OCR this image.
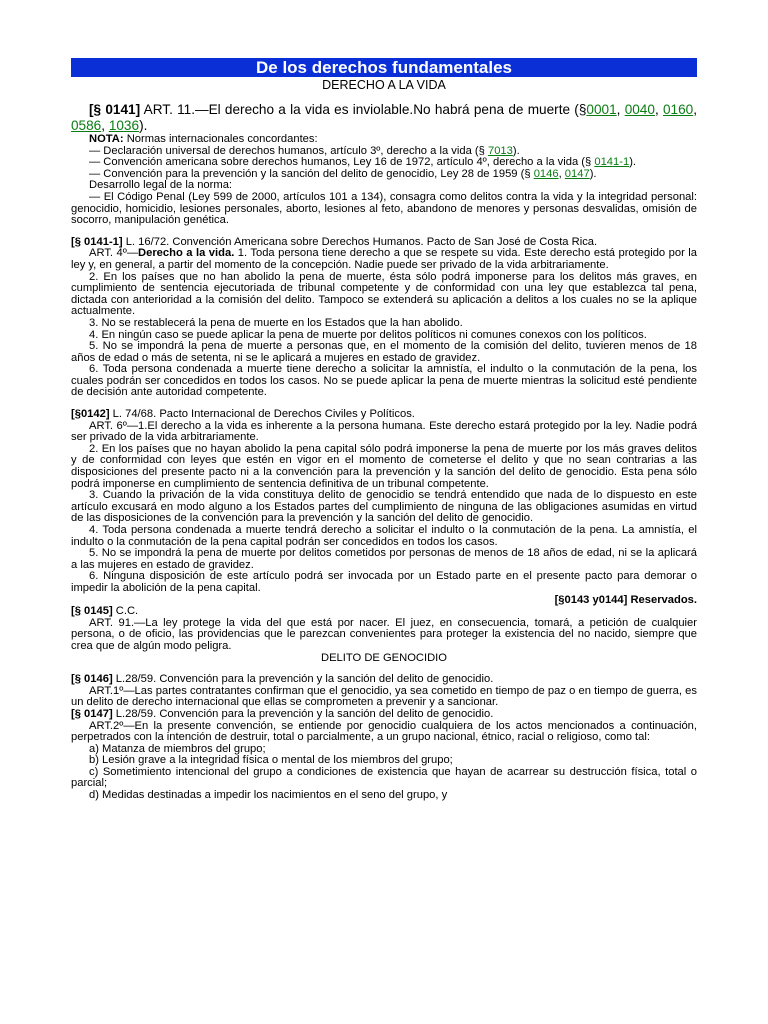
De los derechos fundamentales
DERECHO A LA VIDA

[§ 0141] ART. 11.—El derecho a la vida es inviolable.No habrá pena de muerte (§0001, 0040, 0160, 0586, 1036).

NOTA: Normas internacionales concordantes:

— Declaración universal de derechos humanos, artículo 3º, derecho a la vida (§ 7013).

— Convención americana sobre derechos humanos, Ley 16 de 1972, artículo 4º, derecho a la vida (§ 0141-1).

— Convención para la prevención y la sanción del delito de genocidio, Ley 28 de 1959 (§ 0146, 0147).

Desarrollo legal de la norma:

— El Código Penal (Ley 599 de 2000, artículos 101 a 134), consagra como delitos contra la vida y la integridad personal: genocidio, homicidio, lesiones personales, aborto, lesiones al feto, abandono de menores y personas desvalidas, omisión de socorro, manipulación genética.

[§ 0141-1] L. 16/72. Convención Americana sobre Derechos Humanos. Pacto de San José de Costa Rica.

ART. 4º—Derecho a la vida. 1. Toda persona tiene derecho a que se respete su vida. Este derecho está protegido por la ley y, en general, a partir del momento de la concepción. Nadie puede ser privado de la vida arbitrariamente.

2. En los países que no han abolido la pena de muerte, ésta sólo podrá imponerse para los delitos más graves, en cumplimiento de sentencia ejecutoriada de tribunal competente y de conformidad con una ley que establezca tal pena, dictada con anterioridad a la comisión del delito. Tampoco se extenderá su aplicación a delitos a los cuales no se la aplique actualmente.

3. No se restablecerá la pena de muerte en los Estados que la han abolido.

4. En ningún caso se puede aplicar la pena de muerte por delitos políticos ni comunes conexos con los políticos.

5. No se impondrá la pena de muerte a personas que, en el momento de la comisión del delito, tuvieren menos de 18 años de edad o más de setenta, ni se le aplicará a mujeres en estado de gravidez.

6. Toda persona condenada a muerte tiene derecho a solicitar la amnistía, el indulto o la conmutación de la pena, los cuales podrán ser concedidos en todos los casos. No se puede aplicar la pena de muerte mientras la solicitud esté pendiente de decisión ante autoridad competente.

[§0142] L. 74/68. Pacto Internacional de Derechos Civiles y Políticos.

ART. 6º—1.El derecho a la vida es inherente a la persona humana. Este derecho estará protegido por la ley. Nadie podrá ser privado de la vida arbitrariamente.

2. En los países que no hayan abolido la pena capital sólo podrá imponerse la pena de muerte por los más graves delitos y de conformidad con leyes que estén en vigor en el momento de cometerse el delito y que no sean contrarias a las disposiciones del presente pacto ni a la convención para la prevención y la sanción del delito de genocidio. Esta pena sólo podrá imponerse en cumplimiento de sentencia definitiva de un tribunal competente.

3. Cuando la privación de la vida constituya delito de genocidio se tendrá entendido que nada de lo dispuesto en este artículo excusará en modo alguno a los Estados partes del cumplimiento de ninguna de las obligaciones asumidas en virtud de las disposiciones de la convención para la prevención y la sanción del delito de genocidio.

4. Toda persona condenada a muerte tendrá derecho a solicitar el indulto o la conmutación de la pena. La amnistía, el indulto o la conmutación de la pena capital podrán ser concedidos en todos los casos.

5. No se impondrá la pena de muerte por delitos cometidos por personas de menos de 18 años de edad, ni se la aplicará a las mujeres en estado de gravidez.

6. Ninguna disposición de este artículo podrá ser invocada por un Estado parte en el presente pacto para demorar o impedir la abolición de la pena capital.

[§0143 y0144] Reservados.

[§ 0145] C.C.

ART. 91.—La ley protege la vida del que está por nacer. El juez, en consecuencia, tomará, a petición de cualquier persona, o de oficio, las providencias que le parezcan convenientes para proteger la existencia del no nacido, siempre que crea que de algún modo peligra.

DELITO DE GENOCIDIO

[§ 0146] L.28/59. Convención para la prevención y la sanción del delito de genocidio.

ART.1º—Las partes contratantes confirman que el genocidio, ya sea cometido en tiempo de paz o en tiempo de guerra, es un delito de derecho internacional que ellas se comprometen a prevenir y a sancionar.

[§ 0147] L.28/59. Convención para la prevención y la sanción del delito de genocidio.

ART.2º—En la presente convención, se entiende por genocidio cualquiera de los actos mencionados a continuación, perpetrados con la intención de destruir, total o parcialmente, a un grupo nacional, étnico, racial o religioso, como tal:

a) Matanza de miembros del grupo;

b) Lesión grave a la integridad física o mental de los miembros del grupo;

c) Sometimiento intencional del grupo a condiciones de existencia que hayan de acarrear su destrucción física, total o parcial;

d) Medidas destinadas a impedir los nacimientos en el seno del grupo, y
